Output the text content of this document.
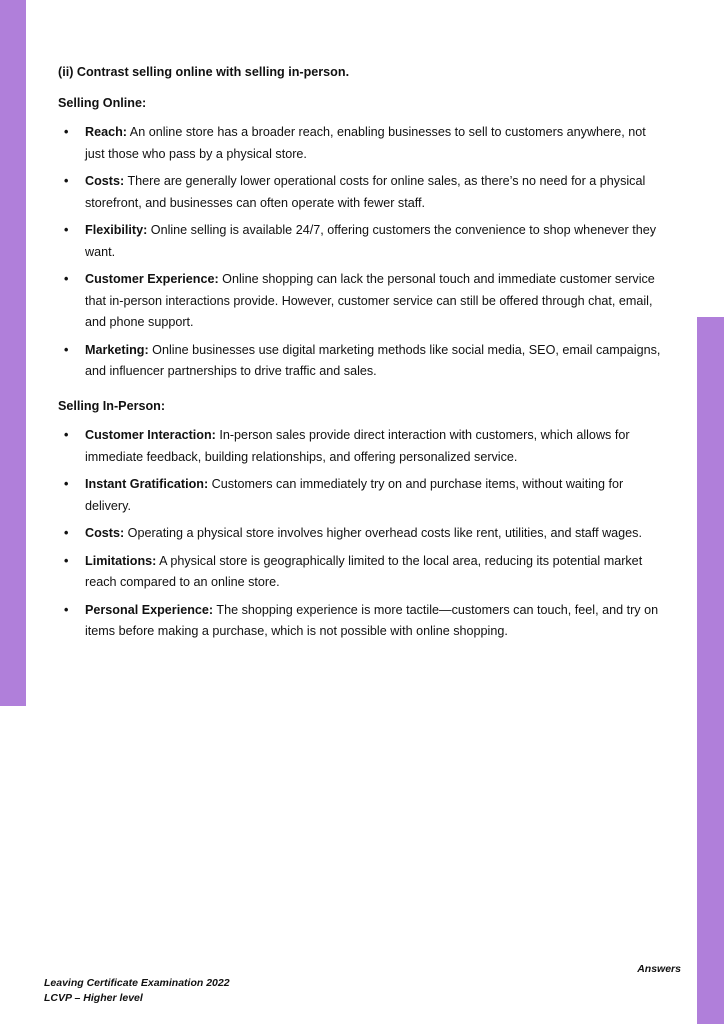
(ii) Contrast selling online with selling in-person.
Selling Online:
• Reach: An online store has a broader reach, enabling businesses to sell to customers anywhere, not just those who pass by a physical store.
• Costs: There are generally lower operational costs for online sales, as there’s no need for a physical storefront, and businesses can often operate with fewer staff.
• Flexibility: Online selling is available 24/7, offering customers the convenience to shop whenever they want.
• Customer Experience: Online shopping can lack the personal touch and immediate customer service that in-person interactions provide. However, customer service can still be offered through chat, email, and phone support.
• Marketing: Online businesses use digital marketing methods like social media, SEO, email campaigns, and influencer partnerships to drive traffic and sales.
Selling In-Person:
• Customer Interaction: In-person sales provide direct interaction with customers, which allows for immediate feedback, building relationships, and offering personalized service.
• Instant Gratification: Customers can immediately try on and purchase items, without waiting for delivery.
• Costs: Operating a physical store involves higher overhead costs like rent, utilities, and staff wages.
• Limitations: A physical store is geographically limited to the local area, reducing its potential market reach compared to an online store.
• Personal Experience: The shopping experience is more tactile—customers can touch, feel, and try on items before making a purchase, which is not possible with online shopping.
Answers
Leaving Certificate Examination 2022
LCVP – Higher level
